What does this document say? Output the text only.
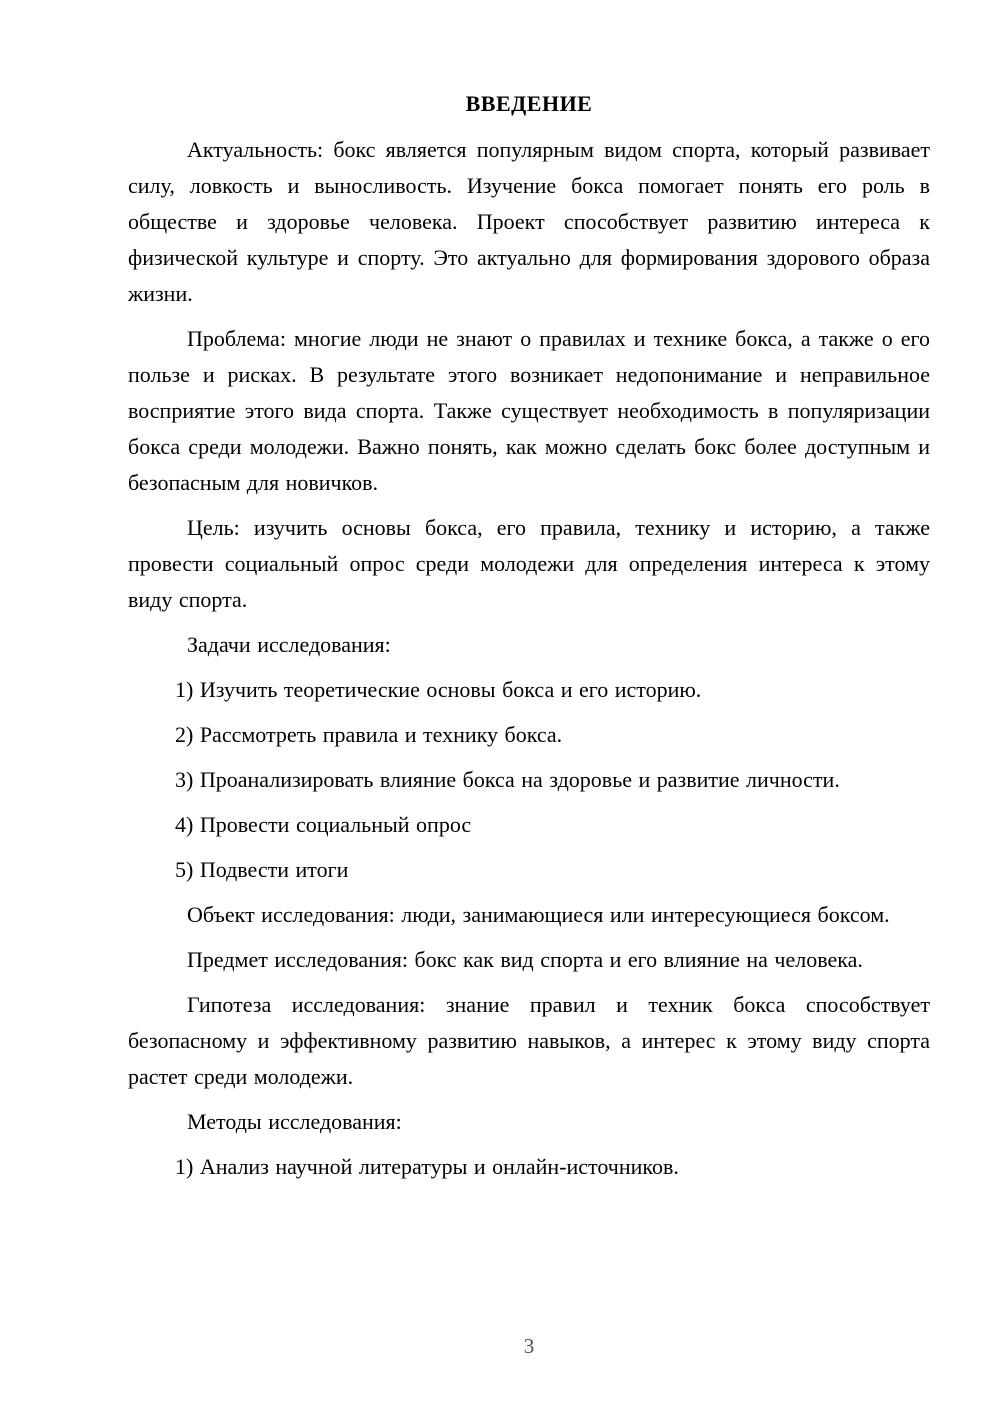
ВВЕДЕНИЕ

Актуальность: бокс является популярным видом спорта, который развивает силу, ловкость и выносливость. Изучение бокса помогает понять его роль в обществе и здоровье человека. Проект способствует развитию интереса к физической культуре и спорту. Это актуально для формирования здорового образа жизни.

Проблема: многие люди не знают о правилах и технике бокса, а также о его пользе и рисках. В результате этого возникает недопонимание и неправильное восприятие этого вида спорта. Также существует необходимость в популяризации бокса среди молодежи. Важно понять, как можно сделать бокс более доступным и безопасным для новичков.

Цель: изучить основы бокса, его правила, технику и историю, а также провести социальный опрос среди молодежи для определения интереса к этому виду спорта.

Задачи исследования:

1) Изучить теоретические основы бокса и его историю.

2) Рассмотреть правила и технику бокса.

3) Проанализировать влияние бокса на здоровье и развитие личности.

4) Провести социальный опрос

5) Подвести итоги

Объект исследования: люди, занимающиеся или интересующиеся боксом.

Предмет исследования: бокс как вид спорта и его влияние на человека.

Гипотеза исследования: знание правил и техник бокса способствует безопасному и эффективному развитию навыков, а интерес к этому виду спорта растет среди молодежи.

Методы исследования:

1) Анализ научной литературы и онлайн-источников.

3
